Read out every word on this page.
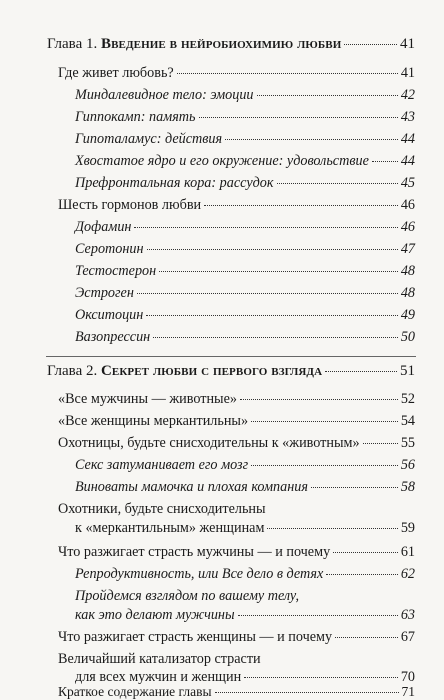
Глава 1. Введение в нейробиохимию любви	41
Где живет любовь?	41
Миндалевидное тело: эмоции	42
Гиппокамп: память	43
Гипоталамус: действия	44
Хвостатое ядро и его окружение: удовольствие 44
Префронтальная кора: рассудок	45
Шесть гормонов любви	46
Дофамин	46
Серотонин	47
Тестостерон	48
Эстроген	48
Окситоцин	49
Вазопрессин	50
Глава 2. Секрет любви с первого взгляда	51
«Все мужчины — животные»	52
«Все женщины меркантильны»	54
Охотницы, будьте снисходительны к «животным»	55
Секс затуманивает его мозг	56
Виноваты мамочка и плохая компания	58
Охотники, будьте снисходительны
к «меркантильным» женщинам	59
Что разжигает страсть мужчины — и почему	61
Репродуктивность, или Все дело в детях	62
Пройдемся взглядом по вашему телу,
как это делают мужчины	63
Что разжигает страсть женщины — и почему	67
Величайший катализатор страсти
для всех мужчин и женщин	70
Краткое содержание главы	71
